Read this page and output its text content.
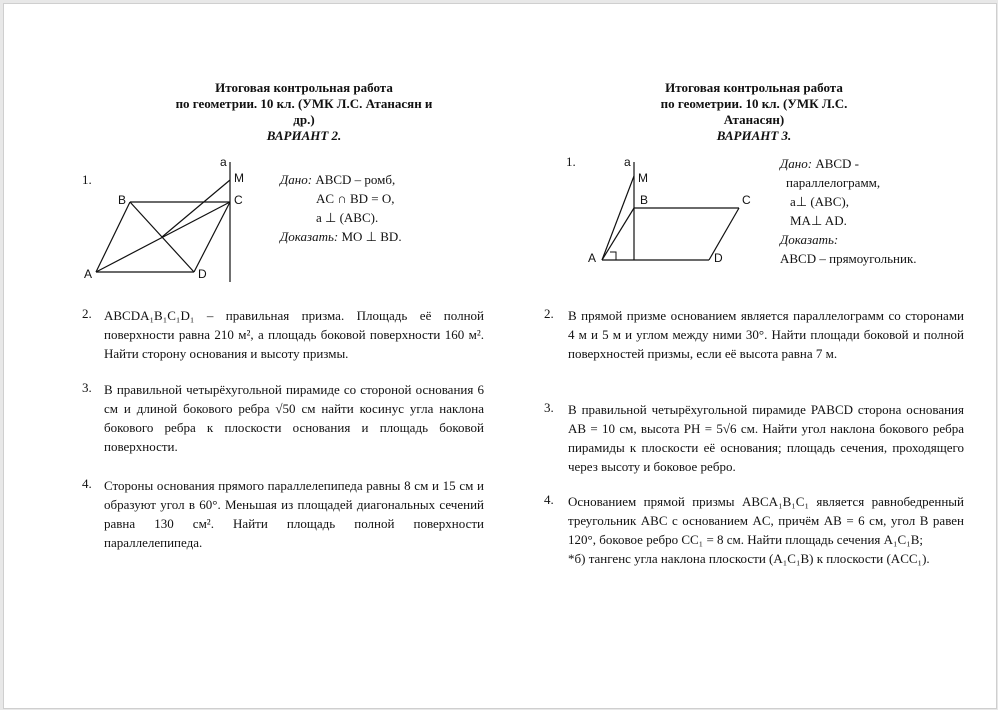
Итоговая контрольная работа
по геометрии. 10 кл. (УМК Л.С. Атанасян и др.)
ВАРИАНТ 2.
1.
a
M
B	C
A	D
Дано: ABCD – ромб,
AC ∩ BD = O,
a ⊥ (ABC).
Доказать: MO ⊥ BD.
2. ABCDA₁B₁C₁D₁ – правильная призма. Площадь её полной поверхности равна 210 м², а площадь боковой поверхности 160 м². Найти сторону основания и высоту призмы.
3. В правильной четырёхугольной пирамиде со стороной основания 6 см и длиной бокового ребра √50 см найти косинус угла наклона бокового ребра к плоскости основания и площадь боковой поверхности.
4. Стороны основания прямого параллелепипеда равны 8 см и 15 см и образуют угол в 60°. Меньшая из площадей диагональных сечений равна 130 см². Найти площадь полной поверхности параллелепипеда.
Итоговая контрольная работа
по геометрии. 10 кл. (УМК Л.С. Атанасян)
ВАРИАНТ 3.
1.	a
M
B	C
A	D
Дано: ABCD -
параллелограмм,
a⊥ (ABC),
MA⊥ AD.
Доказать:
ABCD – прямоугольник.
2. В прямой призме основанием является параллелограмм со сторонами 4 м и 5 м и углом между ними 30°. Найти площади боковой и полной поверхностей призмы, если её высота равна 7 м.
3. В правильной четырёхугольной пирамиде PABCD сторона основания AB = 10 см, высота PH = 5√6 см. Найти угол наклона бокового ребра пирамиды к плоскости её основания; площадь сечения, проходящего через высоту и боковое ребро.
4. Основанием прямой призмы ABCA₁B₁C₁ является равнобедренный треугольник ABC с основанием AC, причём AB = 6 см, угол B равен 120°, боковое ребро CC₁ = 8 см. Найти площадь сечения A₁C₁B;
*б) тангенс угла наклона плоскости (A₁C₁B) к плоскости (ACC₁).
